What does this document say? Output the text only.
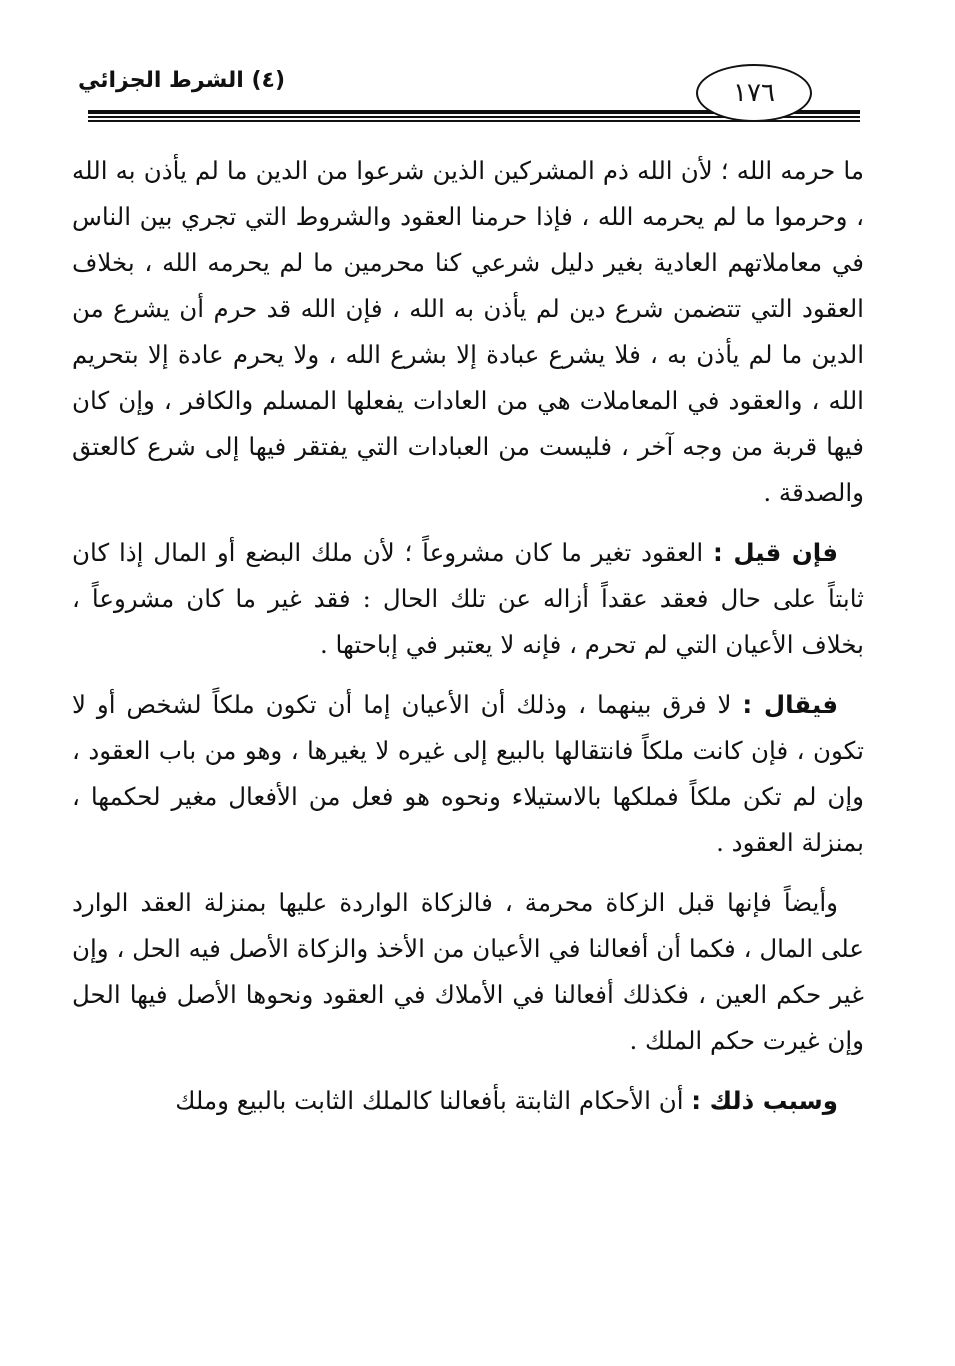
١٧٦
(٤) الشرط الجزائي

ما حرمه الله ؛ لأن الله ذم المشركين الذين شرعوا من الدين ما لم يأذن به الله ، وحرموا ما لم يحرمه الله ، فإذا حرمنا العقود والشروط التي تجري بين الناس في معاملاتهم العادية بغير دليل شرعي كنا محرمين ما لم يحرمه الله ، بخلاف العقود التي تتضمن شرع دين لم يأذن به الله ، فإن الله قد حرم أن يشرع من الدين ما لم يأذن به ، فلا يشرع عبادة إلا بشرع الله ، ولا يحرم عادة إلا بتحريم الله ، والعقود في المعاملات هي من العادات يفعلها المسلم والكافر ، وإن كان فيها قربة من وجه آخر ، فليست من العبادات التي يفتقر فيها إلى شرع كالعتق والصدقة .

فإن قيل : العقود تغير ما كان مشروعاً ؛ لأن ملك البضع أو المال إذا كان ثابتاً على حال فعقد عقداً أزاله عن تلك الحال : فقد غير ما كان مشروعاً ، بخلاف الأعيان التي لم تحرم ، فإنه لا يعتبر في إباحتها .

فيقال : لا فرق بينهما ، وذلك أن الأعيان إما أن تكون ملكاً لشخص أو لا تكون ، فإن كانت ملكاً فانتقالها بالبيع إلى غيره لا يغيرها ، وهو من باب العقود ، وإن لم تكن ملكاً فملكها بالاستيلاء ونحوه هو فعل من الأفعال مغير لحكمها ، بمنزلة العقود .

وأيضاً فإنها قبل الزكاة محرمة ، فالزكاة الواردة عليها بمنزلة العقد الوارد على المال ، فكما أن أفعالنا في الأعيان من الأخذ والزكاة الأصل فيه الحل ، وإن غير حكم العين ، فكذلك أفعالنا في الأملاك في العقود ونحوها الأصل فيها الحل وإن غيرت حكم الملك .

وسبب ذلك : أن الأحكام الثابتة بأفعالنا كالملك الثابت بالبيع وملك
